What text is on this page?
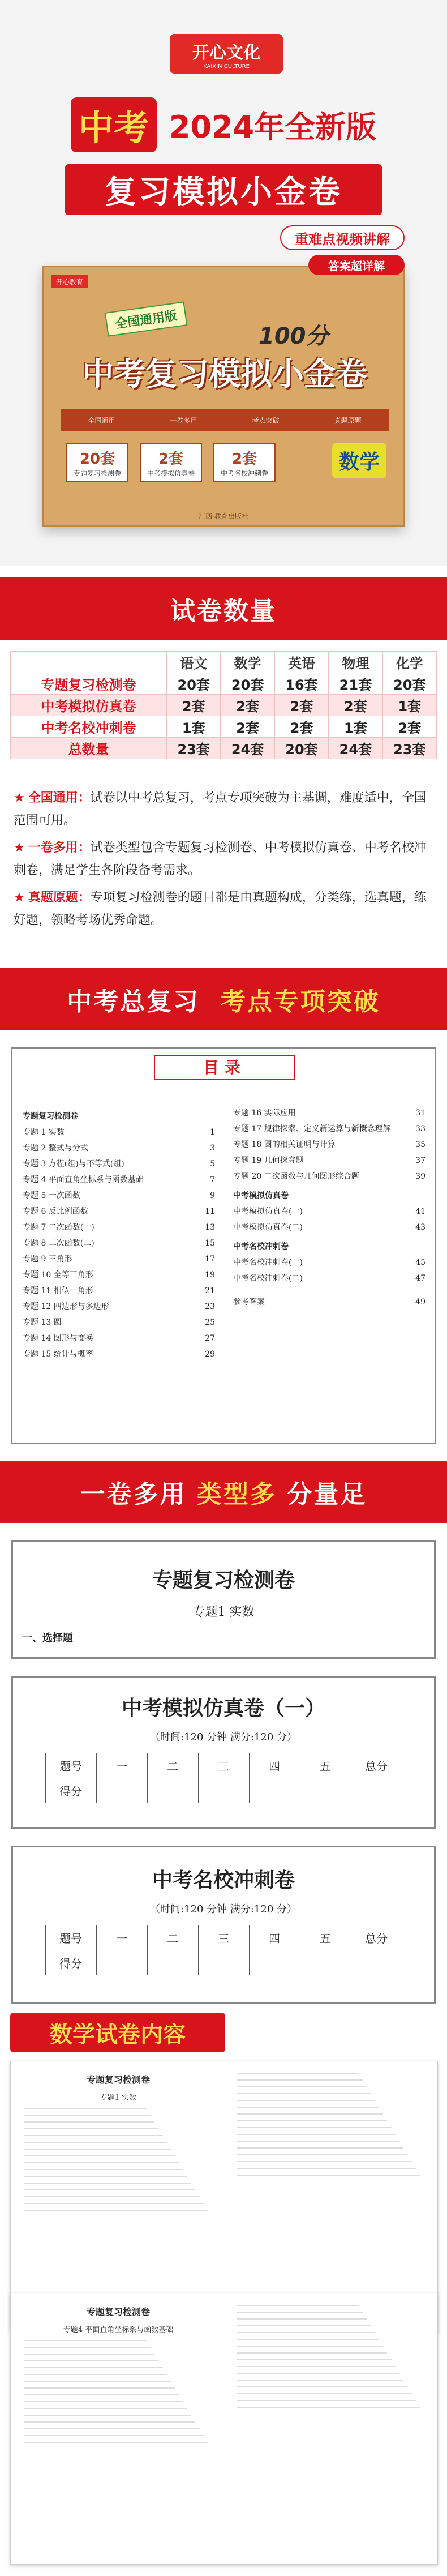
开心文化
KAIXIN CULTURE
中考 2024年全新版
复习模拟小金卷
重难点视频讲解
开心教育
全国通用版
100分
中考复习模拟小金卷
全国通用	一卷多用	考点突破	真题原题
20套
专题复习检测卷
2套
中考模拟仿真卷
2套
中考名校冲刺卷	数学
江西·教育出版社
答案超详解
试卷数量
	语文	数学	英语	物理	化学
专题复习检测卷	20套	20套	16套	21套	20套
中考模拟仿真卷	2套	2套	2套	2套	1套
中考名校冲刺卷	1套	2套	2套	1套	2套
总数量	23套	24套	20套	24套	23套

★ 全国通用：试卷以中考总复习，考点专项突破为主基调，难度适中，全国范围可用。

★ 一卷多用：试卷类型包含专题复习检测卷、中考模拟仿真卷、中考名校冲刺卷，满足学生各阶段备考需求。

★ 真题原题：专项复习检测卷的题目都是由真题构成，分类练，选真题，练好题，领略考场优秀命题。

中考总复习
考点专项突破
目录
专题复习检测卷
专题 1 实数	1
专题 2 整式与分式	3
专题 3 方程(组)与不等式(组)	5
专题 4 平面直角坐标系与函数基础	7
专题 5 一次函数	9
专题 6 反比例函数	11
专题 7 二次函数(一)	13
专题 8 二次函数(二)	15
专题 9 三角形	17
专题 10 全等三角形	19
专题 11 相似三角形	21
专题 12 四边形与多边形	23
专题 13 圆	25
专题 14 图形与变换	27
专题 15 统计与概率	29
专题 16 实际应用	31
专题 17 规律探索、定义新运算与新概念理解	33
专题 18 圆的相关证明与计算	35
专题 19 几何探究题	37
专题 20 二次函数与几何图形综合题	39
中考模拟仿真卷
中考模拟仿真卷(一)	41
中考模拟仿真卷(二)	43
中考名校冲刺卷
中考名校冲刺卷(一)	45
中考名校冲刺卷(二)	47
参考答案	49
一卷多用
类型多
分量足
专题复习检测卷
专题1 实数
一、选择题
中考模拟仿真卷（一）
（时间:120 分钟 满分:120 分）
题号	一	二	三	四	五	总分
得分						
中考名校冲刺卷
（时间:120 分钟 满分:120 分）
题号	一	二	三	四	五	总分
得分						
数学试卷内容
专题复习检测卷
专题1 实数
专题复习检测卷
专题4 平面直角坐标系与函数基础
